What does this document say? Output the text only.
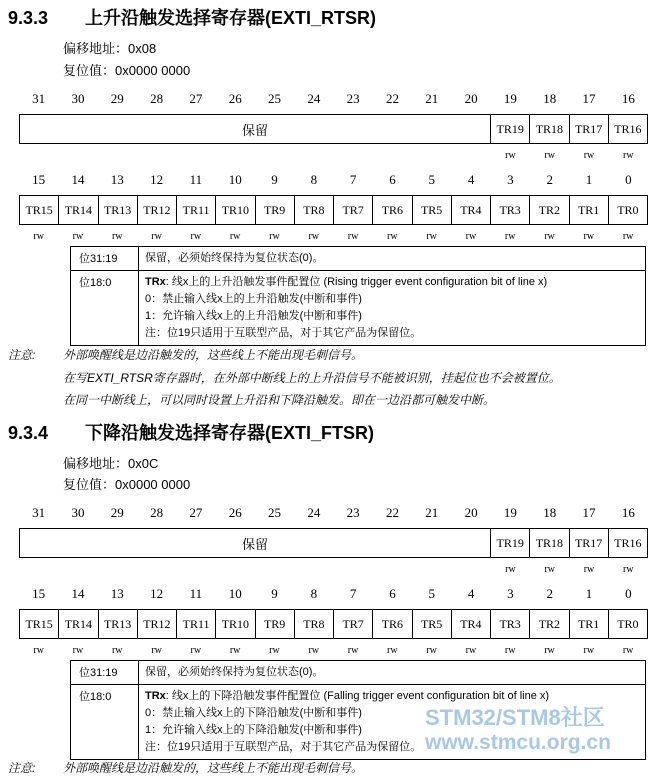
9.3.3 上升沿触发选择寄存器(EXTI_RTSR)
偏移地址：0x08
复位值：0x0000 0000
31	30	29	28	27	26	25	24	23	22	21	20	19	18	17	16
保留	TR19 TR18 TR17 TR16
rw	rw	rw	rw
15	14	13	12	11	10	9	8	7	6	5	4	3	2	1	0
TR15 TR14 TR13 TR12	TR11	TR10	TR9	TR8	TR7	TR6	TR5	TR4	TR3	TR2	TR1	TR0
rw	rw	rw	rw	rw	rw	rw	rw	rw	rw	rw	rw	rw	rw	rw	rw
位31:19	保留，必须始终保持为复位状态(0)。
位18:0	TRx: 线x上的上升沿触发事件配置位 (Rising trigger event configuration bit of line x)
0：禁止输入线x上的上升沿触发(中断和事件)
1：允许输入线x上的上升沿触发(中断和事件)
注：位19只适用于互联型产品，对于其它产品为保留位。
注意: 外部唤醒线是边沿触发的，这些线上不能出现毛刺信号。
在写EXTI_RTSR寄存器时，在外部中断线上的上升沿信号不能被识别，挂起位也不会被置位。
在同一中断线上，可以同时设置上升沿和下降沿触发。即在一边沿都可触发中断。
9.3.4 下降沿触发选择寄存器(EXTI_FTSR)
偏移地址：0x0C
复位值：0x0000 0000
31	30	29	28	27	26	25	24	23	22	21	20	19	18	17	16
保留	TR19 TR18 TR17 TR16
rw	rw	rw	rw
15	14	13	12	11	10	9	8	7	6	5	4	3	2	1	0
TR15 TR14 TR13 TR12	TR11	TR10	TR9	TR8	TR7	TR6	TR5	TR4	TR3	TR2	TR1	TR0
rw	rw	rw	rw	rw	rw	rw	rw	rw	rw	rw	rw	rw	rw	rw	rw
位31:19	保留，必须始终保持为复位状态(0)。
位18:0	TRx: 线x上的下降沿触发事件配置位 (Falling trigger event configuration bit of line x)
0：禁止输入线x上的下降沿触发(中断和事件)
1：允许输入线x上的下降沿触发(中断和事件)
注：位19只适用于互联型产品，对于其它产品为保留位。
注意: 外部唤醒线是边沿触发的，这些线上不能出现毛刺信号。
STM32/STM8社区
www.stmcu.org.cn
